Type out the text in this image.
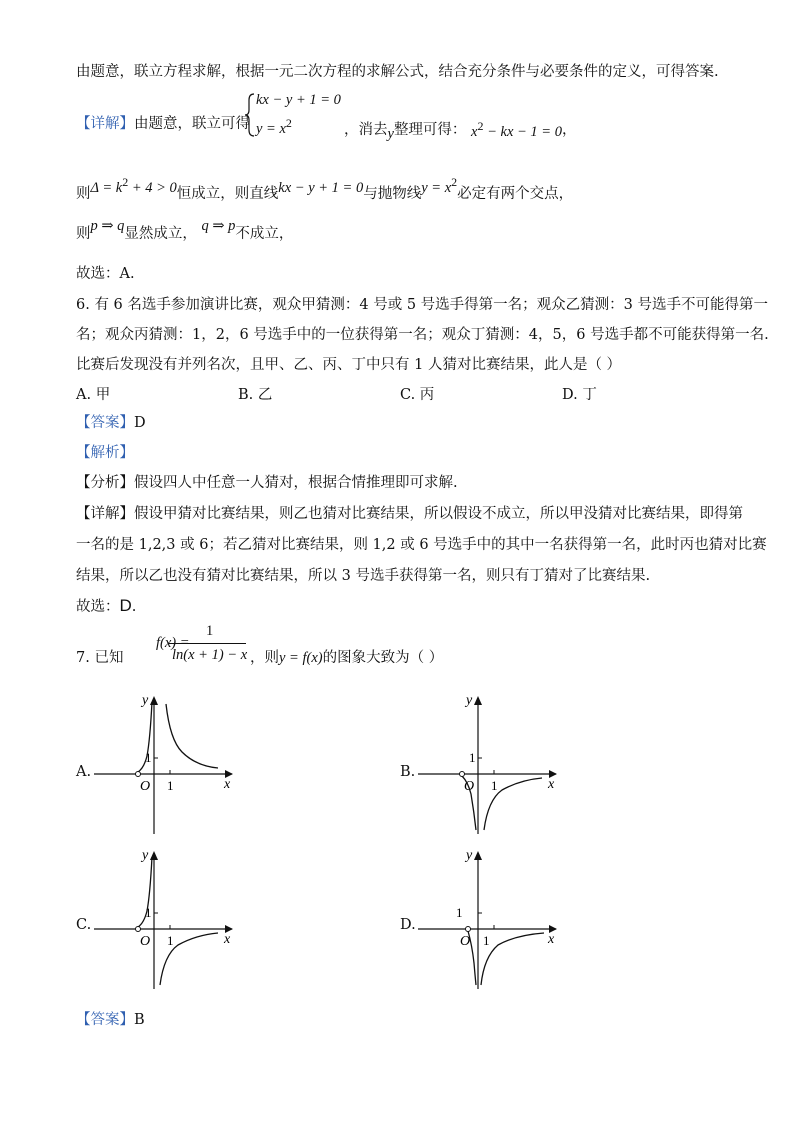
由题意，联立方程求解，根据一元二次方程的求解公式，结合充分条件与必要条件的定义，可得答案.
【详解】由题意，联立可得
kx − y + 1 = 0
$y = x^2$	，消去y整理可得： $x^2$ − kx − 1 = 0，
则$\Delta = k^2 + 4 > 0$恒成立，则直线kx − y + 1 = 0与抛物线$y = x^2$必定有两个交点，
则p ⇒ q显然成立， q ⇒ p不成立，
故选：A.
6. 有 6 名选手参加演讲比赛，观众甲猜测：4 号或 5 号选手得第一名；观众乙猜测：3 号选手不可能得第一
名；观众丙猜测：1，2，6 号选手中的一位获得第一名；观众丁猜测：4，5，6 号选手都不可能获得第一名.
比赛后发现没有并列名次，且甲、乙、丙、丁中只有 1 人猜对比赛结果，此人是（ ）
A. 甲	B. 乙	C. 丙	D. 丁
【答案】D
【解析】
【分析】假设四人中任意一人猜对，根据合情推理即可求解.
【详解】假设甲猜对比赛结果，则乙也猜对比赛结果，所以假设不成立，所以甲没猜对比赛结果，即得第
一名的是 1,2,3 或 6；若乙猜对比赛结果，则 1,2 或 6 号选手中的其中一名获得第一名，此时丙也猜对比赛
结果，所以乙也没有猜对比赛结果，所以 3 号选手获得第一名，则只有丁猜对了比赛结果.
故选：D.
7. 已知
f(x) =
1
ln(x + 1) − x ，则y = f(x)的图象大致为（ ）
A.	B.
C.	D.
y
x
O
1
1
y
x
O
1
1
y
x
O
1
1
y
x
O
1
1
【答案】B
